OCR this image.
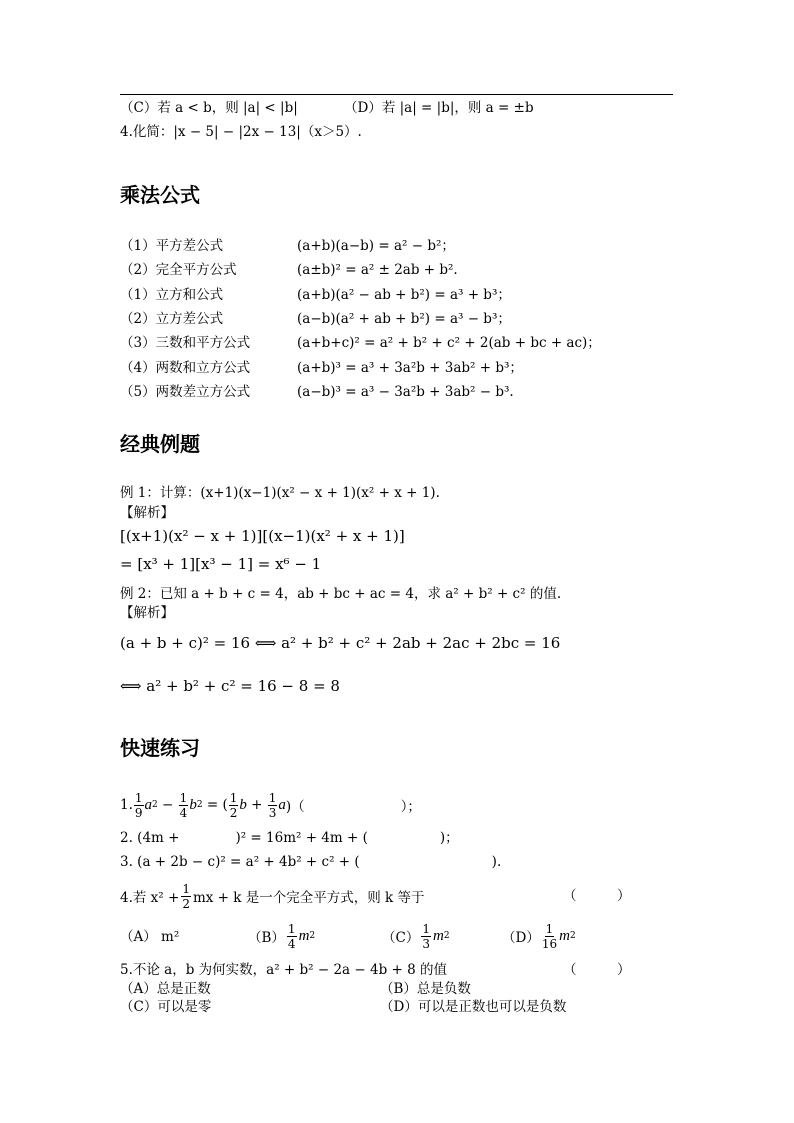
（C）若 a < b，则 |a| < |b|	（D）若 |a| = |b|，则 a = ±b
4.化简：|x − 5| − |2x − 13|（x＞5）.
乘法公式
（1）平方差公式	(a+b)(a−b) = a² − b²；
（2）完全平方公式	(a±b)² = a² ± 2ab + b².
（1）立方和公式	(a+b)(a² − ab + b²) = a³ + b³；
（2）立方差公式	(a−b)(a² + ab + b²) = a³ − b³；
（3）三数和平方公式	(a+b+c)² = a² + b² + c² + 2(ab + bc + ac)；
（4）两数和立方公式	(a+b)³ = a³ + 3a²b + 3ab² + b³；
（5）两数差立方公式	(a−b)³ = a³ − 3a²b + 3ab² − b³.
经典例题
例 1：计算：(x+1)(x−1)(x² − x + 1)(x² + x + 1).
【解析】
[(x+1)(x² − x + 1)][(x−1)(x² + x + 1)]
= [x³ + 1][x³ − 1] = x⁶ − 1
例 2：已知 a + b + c = 4，ab + bc + ac = 4，求 a² + b² + c² 的值.
【解析】
(a + b + c)² = 16 ⟺ a² + b² + c² + 2ab + 2ac + 2bc = 16
⟺ a² + b² + c² = 16 − 8 = 8
快速练习
1. 1
9 a $2 - \frac{1}{4}$ b 2
= ( 1
2 $b + \frac{1}{3}$ a )（	）；
2. (4m +	)² = 16m² + 4m + (	)；
3. (a + 2b − c)² = a² + 4b² + c² + (	).
4.若 $x^2 + \frac{1}{2}$ mx + k 是一个完全平方式，则 k 等于	（　　　）
（A） m²	（B）
1
4 m 2	（C）
1
3 m 2	（D）
1
16 m 2
5.不论 a，b 为何实数，a² + b² − 2a − 4b + 8 的值	（　　　）
（A）总是正数	（B）总是负数
（C）可以是零	（D）可以是正数也可以是负数
